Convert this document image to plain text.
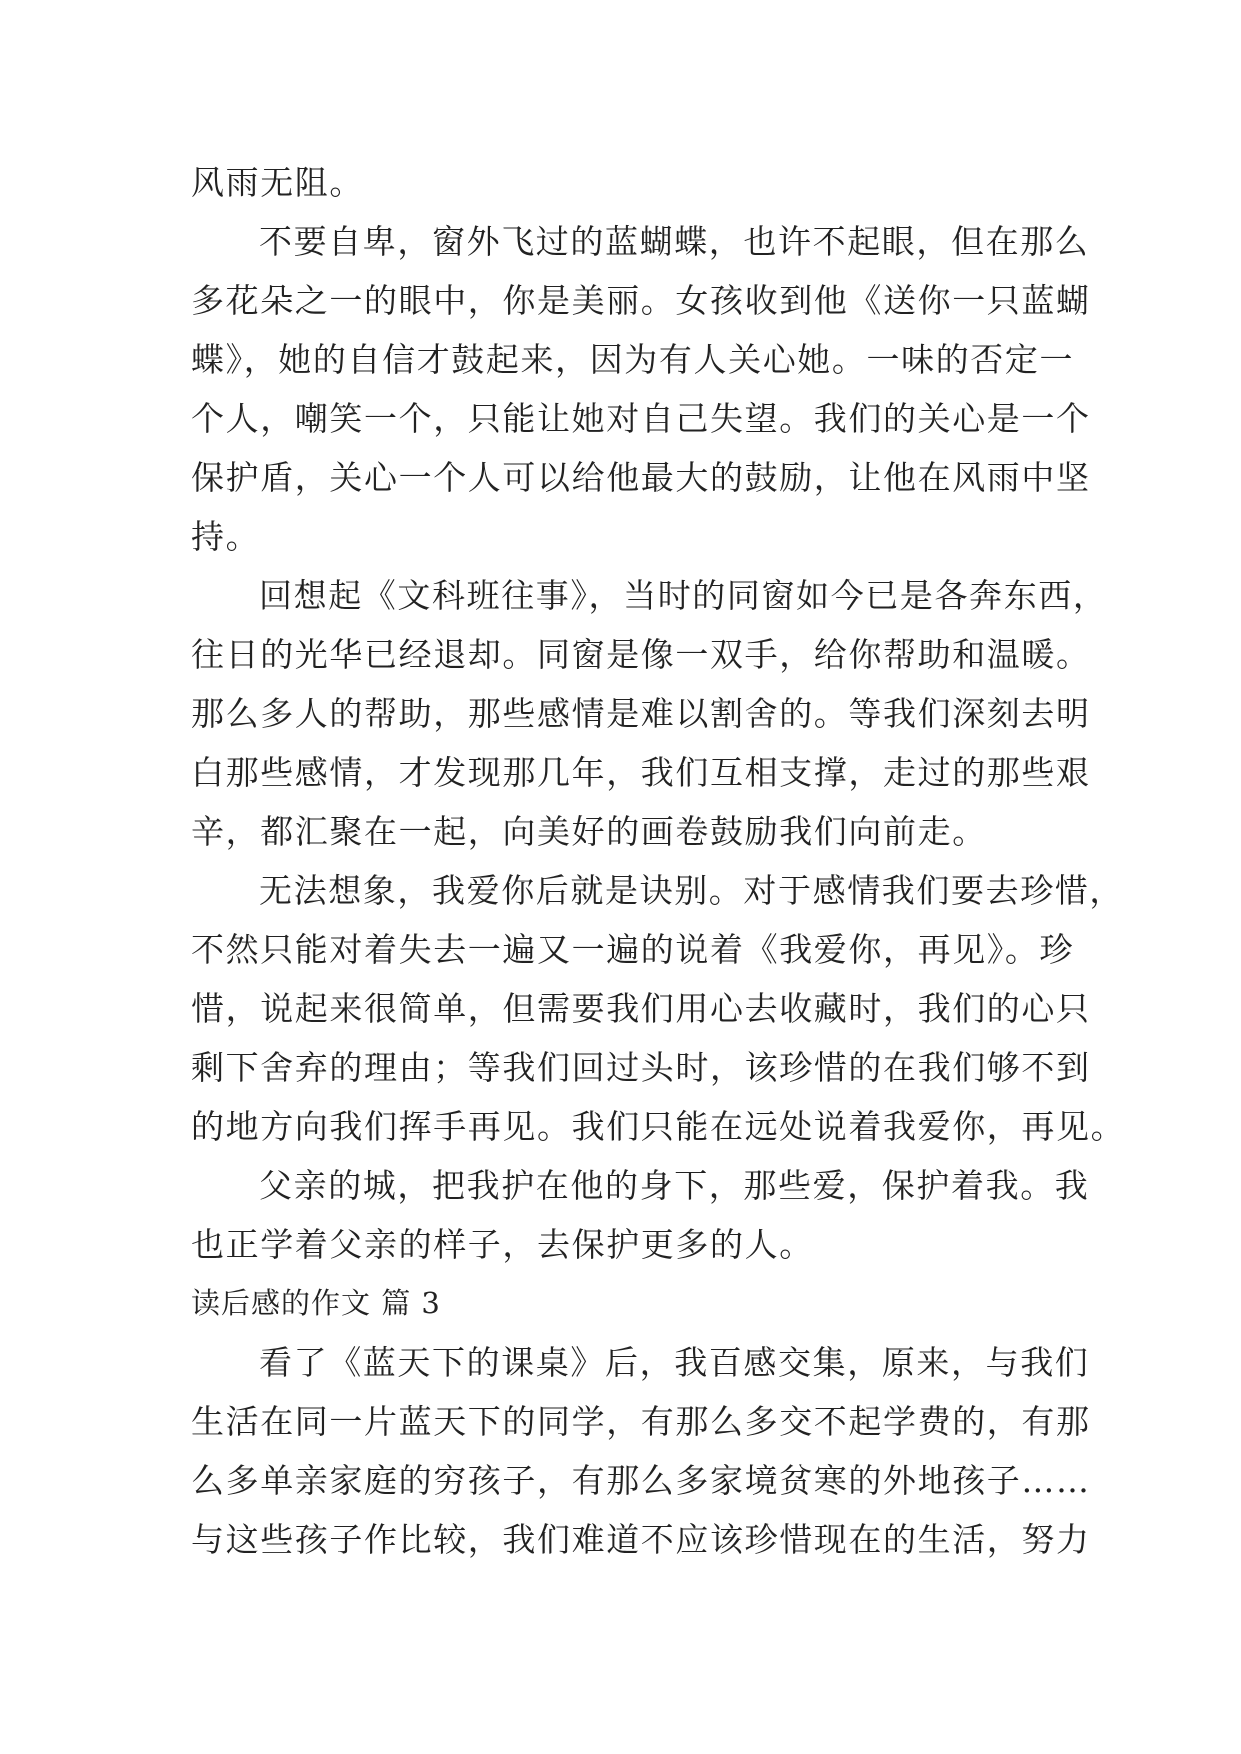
风雨无阻。
不要自卑，窗外飞过的蓝蝴蝶，也许不起眼，但在那么
多花朵之一的眼中，你是美丽。女孩收到他《送你一只蓝蝴
蝶》，她的自信才鼓起来，因为有人关心她。一味的否定一
个人，嘲笑一个，只能让她对自己失望。我们的关心是一个
保护盾，关心一个人可以给他最大的鼓励，让他在风雨中坚
持。
回想起《文科班往事》，当时的同窗如今已是各奔东西，
往日的光华已经退却。同窗是像一双手，给你帮助和温暖。
那么多人的帮助，那些感情是难以割舍的。等我们深刻去明
白那些感情，才发现那几年，我们互相支撑，走过的那些艰
辛，都汇聚在一起，向美好的画卷鼓励我们向前走。
无法想象，我爱你后就是诀别。对于感情我们要去珍惜，
不然只能对着失去一遍又一遍的说着《我爱你，再见》。珍
惜，说起来很简单，但需要我们用心去收藏时，我们的心只
剩下舍弃的理由；等我们回过头时，该珍惜的在我们够不到
的地方向我们挥手再见。我们只能在远处说着我爱你，再见。
父亲的城，把我护在他的身下，那些爱，保护着我。我
也正学着父亲的样子，去保护更多的人。
读后感的作文 篇 3
看了《蓝天下的课桌》后，我百感交集，原来，与我们
生活在同一片蓝天下的同学，有那么多交不起学费的，有那
么多单亲家庭的穷孩子，有那么多家境贫寒的外地孩子……
与这些孩子作比较，我们难道不应该珍惜现在的生活，努力
